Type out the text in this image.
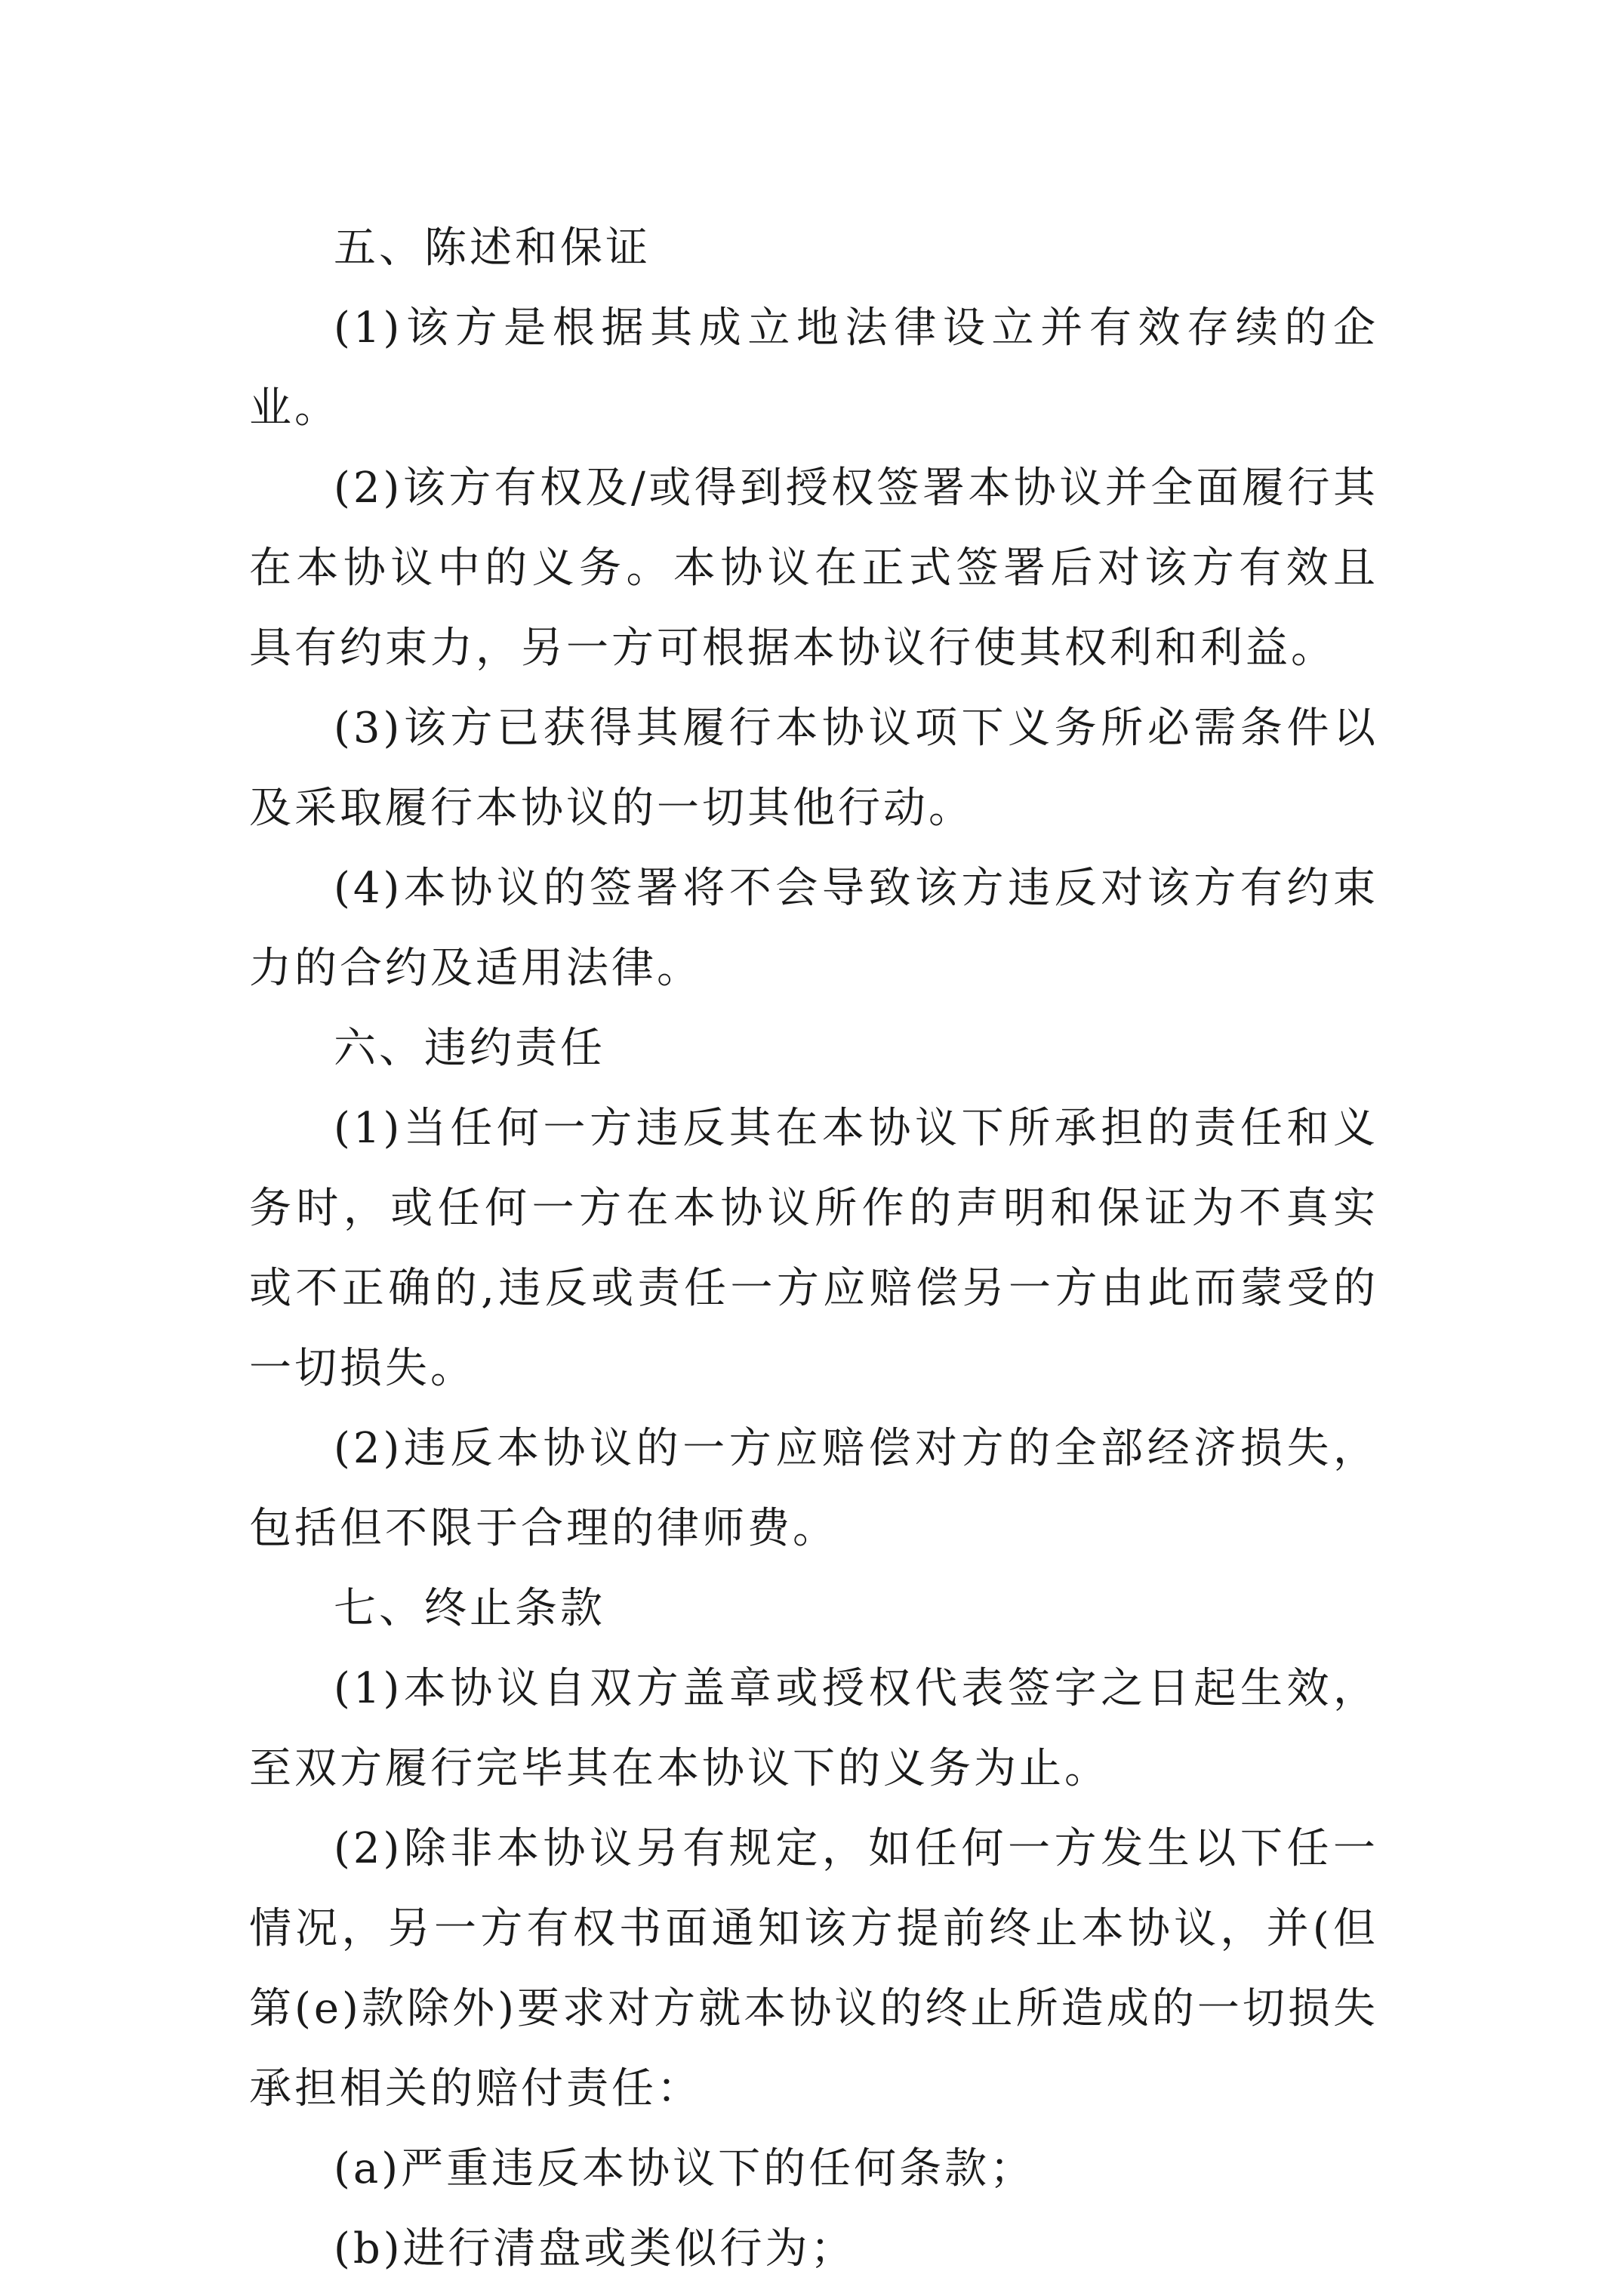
五、陈述和保证

(1)该方是根据其成立地法律设立并有效存续的企业。

(2)该方有权及/或得到授权签署本协议并全面履行其在本协议中的义务。本协议在正式签署后对该方有效且具有约束力，另一方可根据本协议行使其权利和利益。

(3)该方已获得其履行本协议项下义务所必需条件以及采取履行本协议的一切其他行动。

(4)本协议的签署将不会导致该方违反对该方有约束力的合约及适用法律。

六、违约责任

(1)当任何一方违反其在本协议下所承担的责任和义务时，或任何一方在本协议所作的声明和保证为不真实或不正确的,违反或责任一方应赔偿另一方由此而蒙受的一切损失。

(2)违反本协议的一方应赔偿对方的全部经济损失，包括但不限于合理的律师费。

七、终止条款

(1)本协议自双方盖章或授权代表签字之日起生效，至双方履行完毕其在本协议下的义务为止。

(2)除非本协议另有规定，如任何一方发生以下任一情况，另一方有权书面通知该方提前终止本协议，并(但第(e)款除外)要求对方就本协议的终止所造成的一切损失承担相关的赔付责任：

(a)严重违反本协议下的任何条款；

(b)进行清盘或类似行为；
